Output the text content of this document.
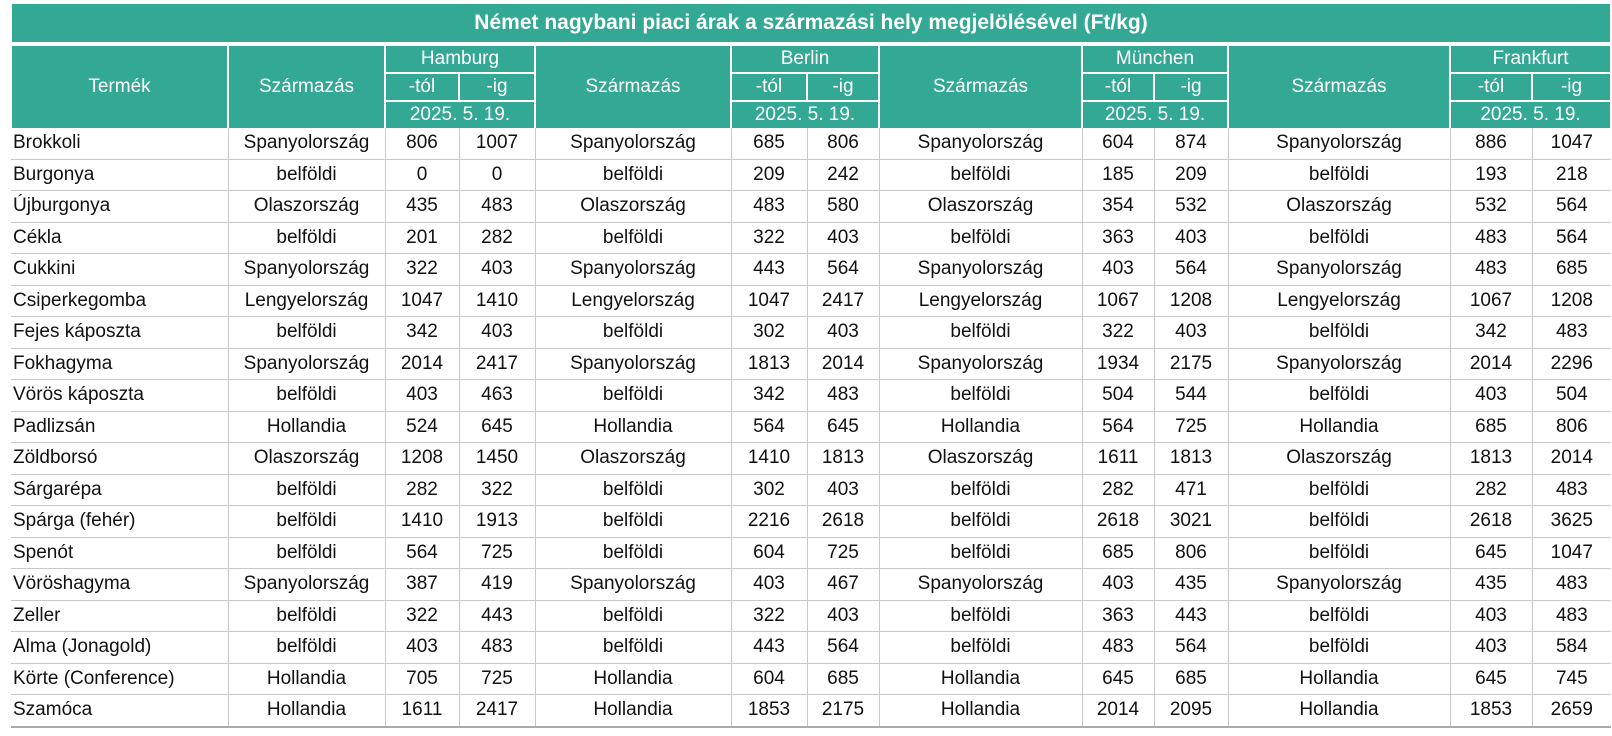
Német nagybani piaci árak a származási hely megjelölésével (Ft/kg)												
Termék	Származás	Hamburg		Származás	Berlin		Származás	München		Származás	Frankfurt	
		-tól	-ig		-tól	-ig		-tól	-ig		-tól	-ig
		2025. 5. 19.			2025. 5. 19.			2025. 5. 19.			2025. 5. 19.	
Brokkoli	Spanyolország	806	1007	Spanyolország	685	806	Spanyolország	604	874	Spanyolország	886	1047
Burgonya	belföldi	0	0	belföldi	209	242	belföldi	185	209	belföldi	193	218
Újburgonya	Olaszország	435	483	Olaszország	483	580	Olaszország	354	532	Olaszország	532	564
Cékla	belföldi	201	282	belföldi	322	403	belföldi	363	403	belföldi	483	564
Cukkini	Spanyolország	322	403	Spanyolország	443	564	Spanyolország	403	564	Spanyolország	483	685
Csiperkegomba	Lengyelország	1047	1410	Lengyelország	1047	2417	Lengyelország	1067	1208	Lengyelország	1067	1208
Fejes káposzta	belföldi	342	403	belföldi	302	403	belföldi	322	403	belföldi	342	483
Fokhagyma	Spanyolország	2014	2417	Spanyolország	1813	2014	Spanyolország	1934	2175	Spanyolország	2014	2296
Vörös káposzta	belföldi	403	463	belföldi	342	483	belföldi	504	544	belföldi	403	504
Padlizsán	Hollandia	524	645	Hollandia	564	645	Hollandia	564	725	Hollandia	685	806
Zöldborsó	Olaszország	1208	1450	Olaszország	1410	1813	Olaszország	1611	1813	Olaszország	1813	2014
Sárgarépa	belföldi	282	322	belföldi	302	403	belföldi	282	471	belföldi	282	483
Spárga (fehér)	belföldi	1410	1913	belföldi	2216	2618	belföldi	2618	3021	belföldi	2618	3625
Spenót	belföldi	564	725	belföldi	604	725	belföldi	685	806	belföldi	645	1047
Vöröshagyma	Spanyolország	387	419	Spanyolország	403	467	Spanyolország	403	435	Spanyolország	435	483
Zeller	belföldi	322	443	belföldi	322	403	belföldi	363	443	belföldi	403	483
Alma (Jonagold)	belföldi	403	483	belföldi	443	564	belföldi	483	564	belföldi	403	584
Körte (Conference)	Hollandia	705	725	Hollandia	604	685	Hollandia	645	685	Hollandia	645	745
Szamóca	Hollandia	1611	2417	Hollandia	1853	2175	Hollandia	2014	2095	Hollandia	1853	2659
